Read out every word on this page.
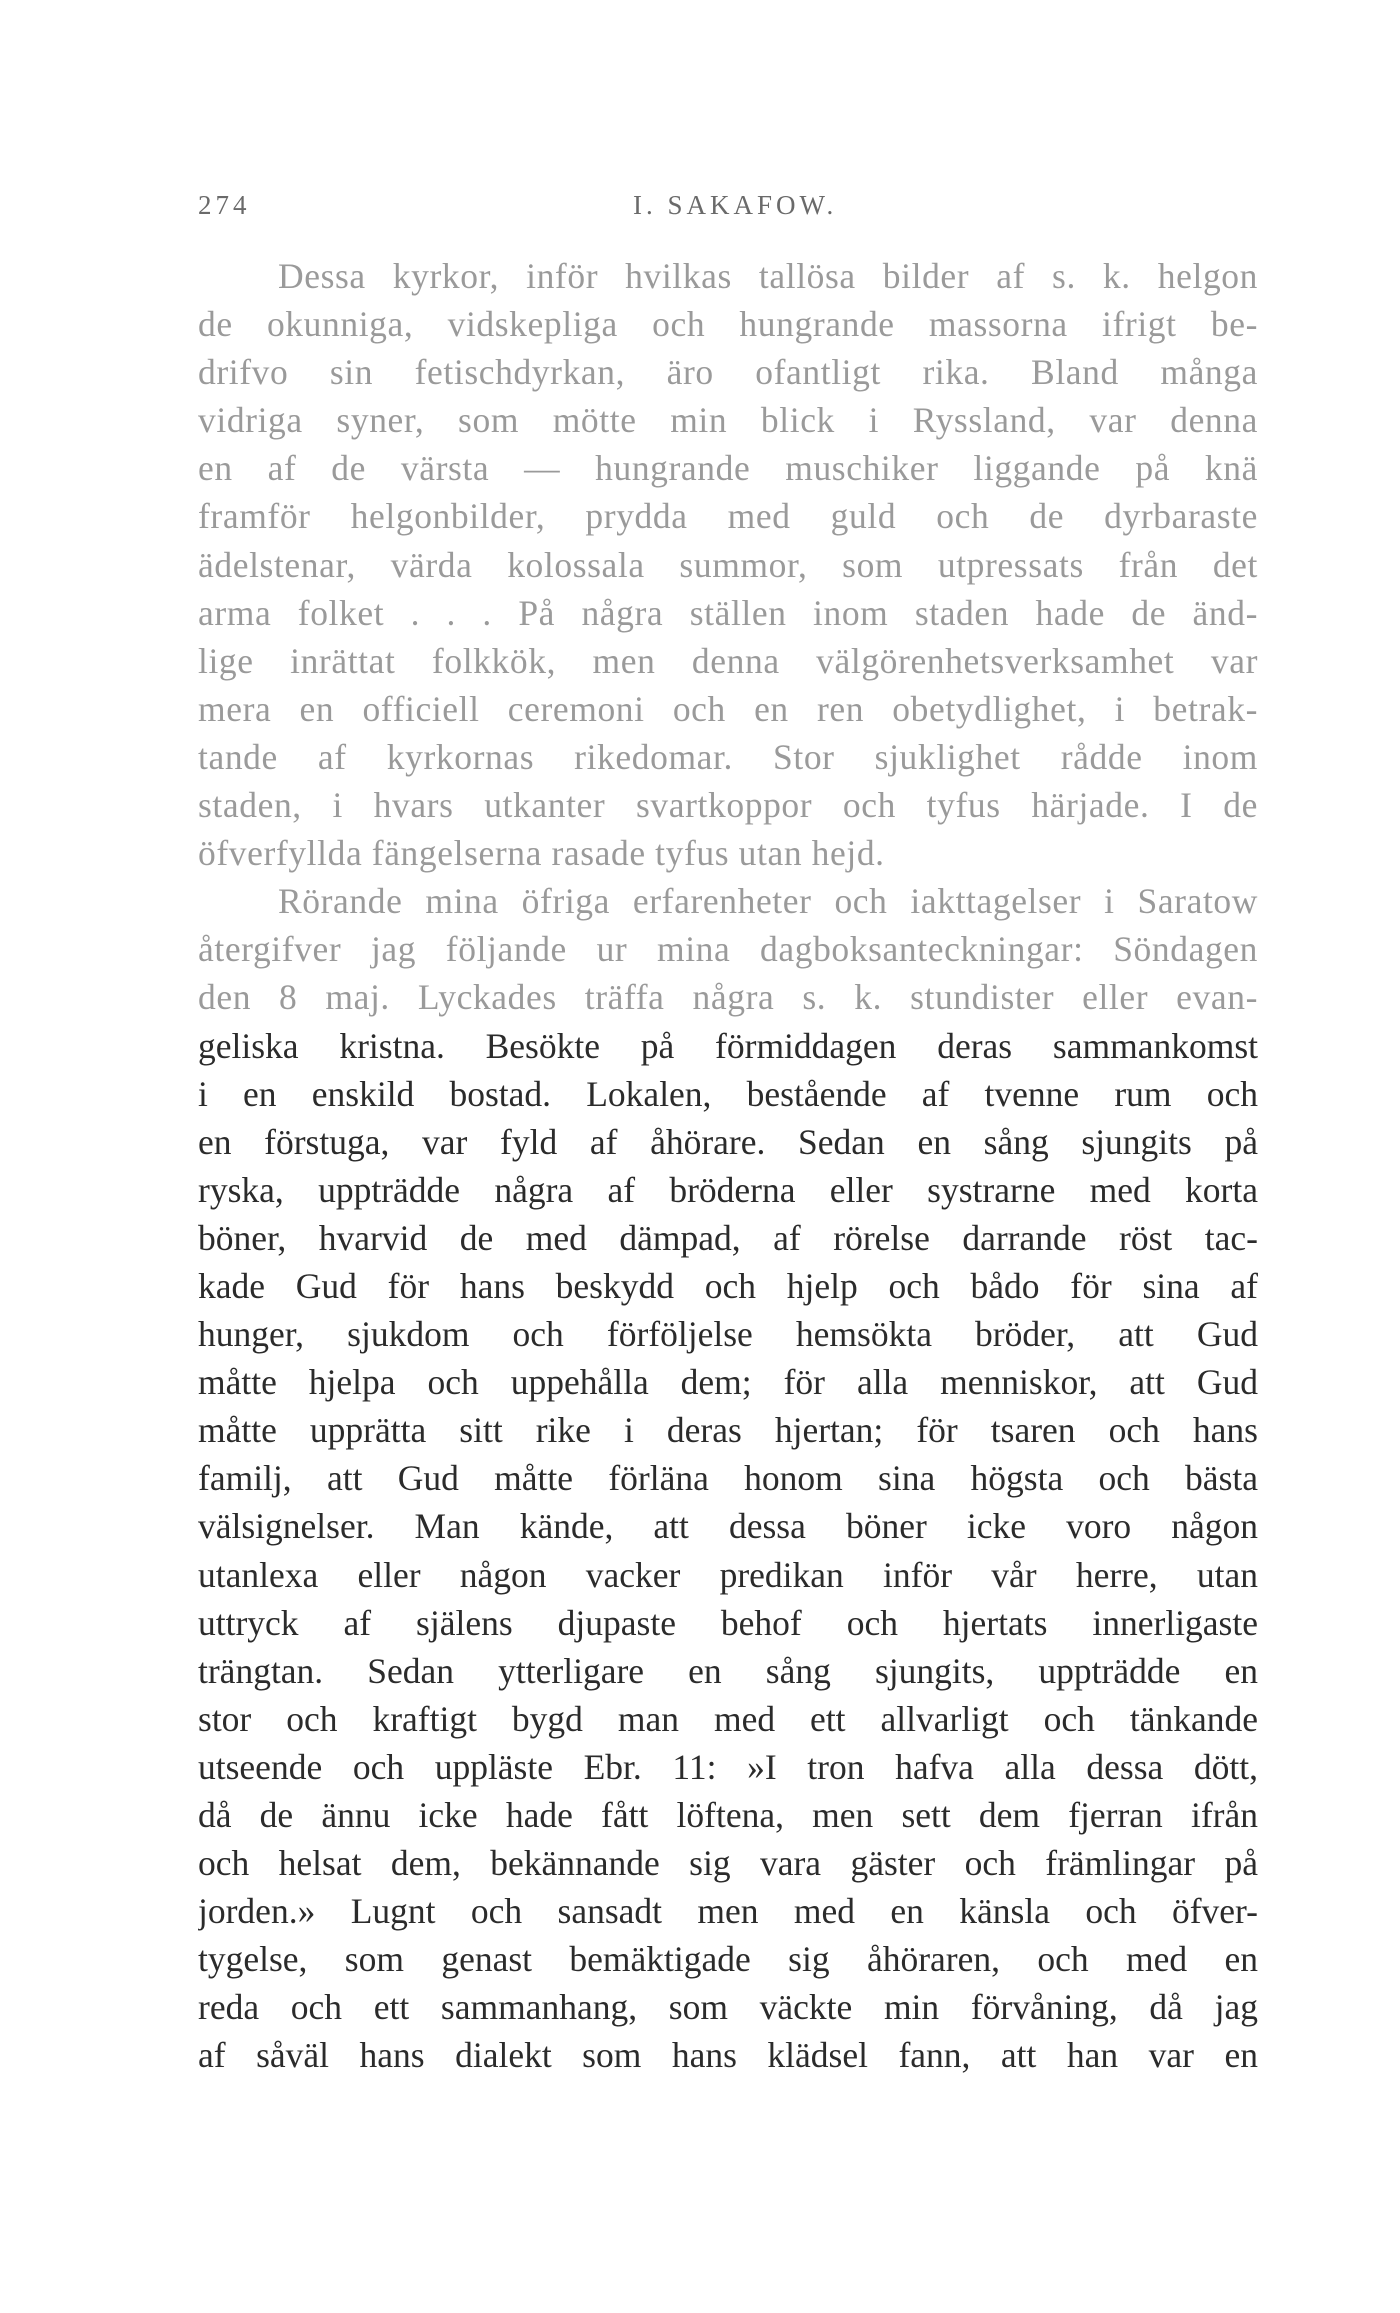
274	I. SAKAFOW.
Dessa kyrkor, inför hvilkas tallösa bilder af s. k. helgon
de okunniga, vidskepliga och hungrande massorna ifrigt be-
drifvo sin fetischdyrkan, äro ofantligt rika. Bland många
vidriga syner, som mötte min blick i Ryssland, var denna
en af de värsta — hungrande muschiker liggande på knä
framför helgonbilder, prydda med guld och de dyrbaraste
ädelstenar, värda kolossala summor, som utpressats från det
arma folket . . . På några ställen inom staden hade de änd-
lige inrättat folkkök, men denna välgörenhetsverksamhet var
mera en officiell ceremoni och en ren obetydlighet, i betrak-
tande af kyrkornas rikedomar. Stor sjuklighet rådde inom
staden, i hvars utkanter svartkoppor och tyfus härjade. I de
öfverfyllda fängelserna rasade tyfus utan hejd.
Rörande mina öfriga erfarenheter och iakttagelser i Saratow
återgifver jag följande ur mina dagboksanteckningar: Söndagen
den 8 maj. Lyckades träffa några s. k. stundister eller evan-
geliska kristna. Besökte på förmiddagen deras sammankomst
i en enskild bostad. Lokalen, bestående af tvenne rum och
en förstuga, var fyld af åhörare. Sedan en sång sjungits på
ryska, uppträdde några af bröderna eller systrarne med korta
böner, hvarvid de med dämpad, af rörelse darrande röst tac-
kade Gud för hans beskydd och hjelp och bådo för sina af
hunger, sjukdom och förföljelse hemsökta bröder, att Gud
måtte hjelpa och uppehålla dem; för alla menniskor, att Gud
måtte upprätta sitt rike i deras hjertan; för tsaren och hans
familj, att Gud måtte förläna honom sina högsta och bästa
välsignelser. Man kände, att dessa böner icke voro någon
utanlexa eller någon vacker predikan inför vår herre, utan
uttryck af själens djupaste behof och hjertats innerligaste
trängtan. Sedan ytterligare en sång sjungits, uppträdde en
stor och kraftigt bygd man med ett allvarligt och tänkande
utseende och uppläste Ebr. 11: »I tron hafva alla dessa dött,
då de ännu icke hade fått löftena, men sett dem fjerran ifrån
och helsat dem, bekännande sig vara gäster och främlingar på
jorden.» Lugnt och sansadt men med en känsla och öfver-
tygelse, som genast bemäktigade sig åhöraren, och med en
reda och ett sammanhang, som väckte min förvåning, då jag
af såväl hans dialekt som hans klädsel fann, att han var en
